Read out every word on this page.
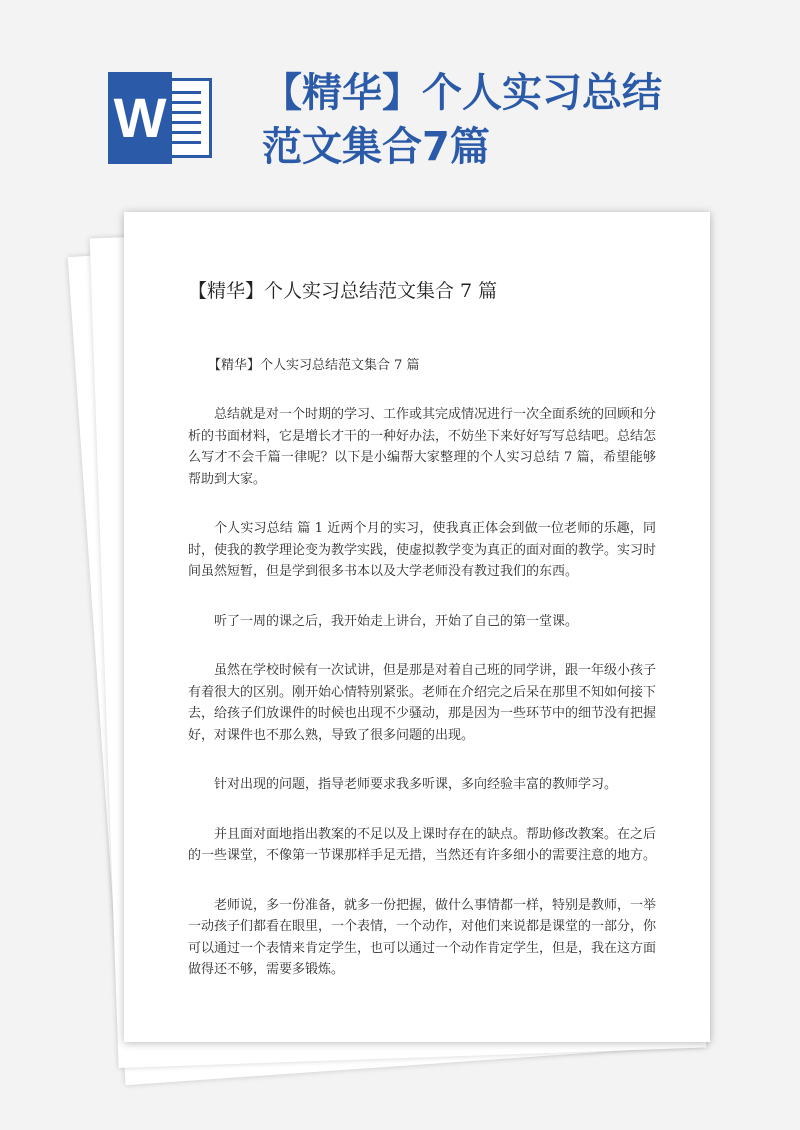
W 【精华】个人实习总结范文集合7篇
【精华】个人实习总结范文集合 7 篇
【精华】个人实习总结范文集合 7 篇

总结就是对一个时期的学习、工作或其完成情况进行一次全面系统的回顾和分析的书面材料，它是增长才干的一种好办法，不妨坐下来好好写写总结吧。总结怎么写才不会千篇一律呢？以下是小编帮大家整理的个人实习总结 7 篇，希望能够帮助到大家。

个人实习总结 篇 1 近两个月的实习，使我真正体会到做一位老师的乐趣，同时，使我的教学理论变为教学实践，使虚拟教学变为真正的面对面的教学。实习时间虽然短暂，但是学到很多书本以及大学老师没有教过我们的东西。

听了一周的课之后，我开始走上讲台，开始了自己的第一堂课。

虽然在学校时候有一次试讲，但是那是对着自己班的同学讲，跟一年级小孩子有着很大的区别。刚开始心情特别紧张。老师在介绍完之后呆在那里不知如何接下去，给孩子们放课件的时候也出现不少骚动，那是因为一些环节中的细节没有把握好，对课件也不那么熟，导致了很多问题的出现。

针对出现的问题，指导老师要求我多听课，多向经验丰富的教师学习。

并且面对面地指出教案的不足以及上课时存在的缺点。帮助修改教案。在之后的一些课堂，不像第一节课那样手足无措，当然还有许多细小的需要注意的地方。

老师说，多一份准备，就多一份把握，做什么事情都一样，特别是教师，一举一动孩子们都看在眼里，一个表情，一个动作，对他们来说都是课堂的一部分，你可以通过一个表情来肯定学生，也可以通过一个动作肯定学生，但是，我在这方面做得还不够，需要多锻炼。
